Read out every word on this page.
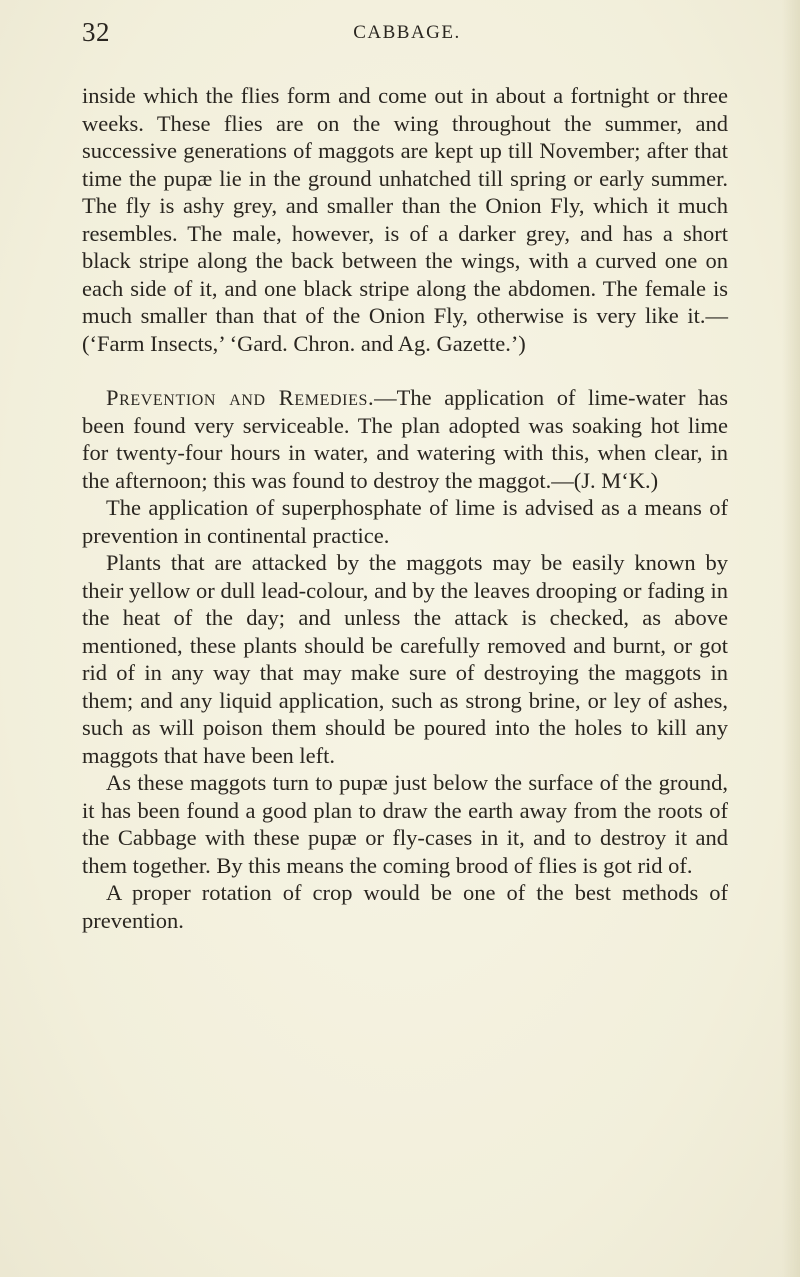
32	CABBAGE.

inside which the flies form and come out in about a fortnight or three weeks. These flies are on the wing throughout the summer, and successive generations of maggots are kept up till November; after that time the pupæ lie in the ground unhatched till spring or early summer. The fly is ashy grey, and smaller than the Onion Fly, which it much resembles. The male, however, is of a darker grey, and has a short black stripe along the back between the wings, with a curved one on each side of it, and one black stripe along the abdomen. The female is much smaller than that of the Onion Fly, otherwise is very like it.—(‘Farm Insects,’ ‘Gard. Chron. and Ag. Gazette.’)

Prevention and Remedies.—The application of lime-water has been found very serviceable. The plan adopted was soaking hot lime for twenty-four hours in water, and watering with this, when clear, in the afternoon; this was found to destroy the maggot.—(J. M‘K.)

The application of superphosphate of lime is advised as a means of prevention in continental practice.

Plants that are attacked by the maggots may be easily known by their yellow or dull lead-colour, and by the leaves drooping or fading in the heat of the day; and unless the attack is checked, as above mentioned, these plants should be carefully removed and burnt, or got rid of in any way that may make sure of destroying the maggots in them; and any liquid application, such as strong brine, or ley of ashes, such as will poison them should be poured into the holes to kill any maggots that have been left.

As these maggots turn to pupæ just below the surface of the ground, it has been found a good plan to draw the earth away from the roots of the Cabbage with these pupæ or fly-cases in it, and to destroy it and them together. By this means the coming brood of flies is got rid of.

A proper rotation of crop would be one of the best methods of prevention.
